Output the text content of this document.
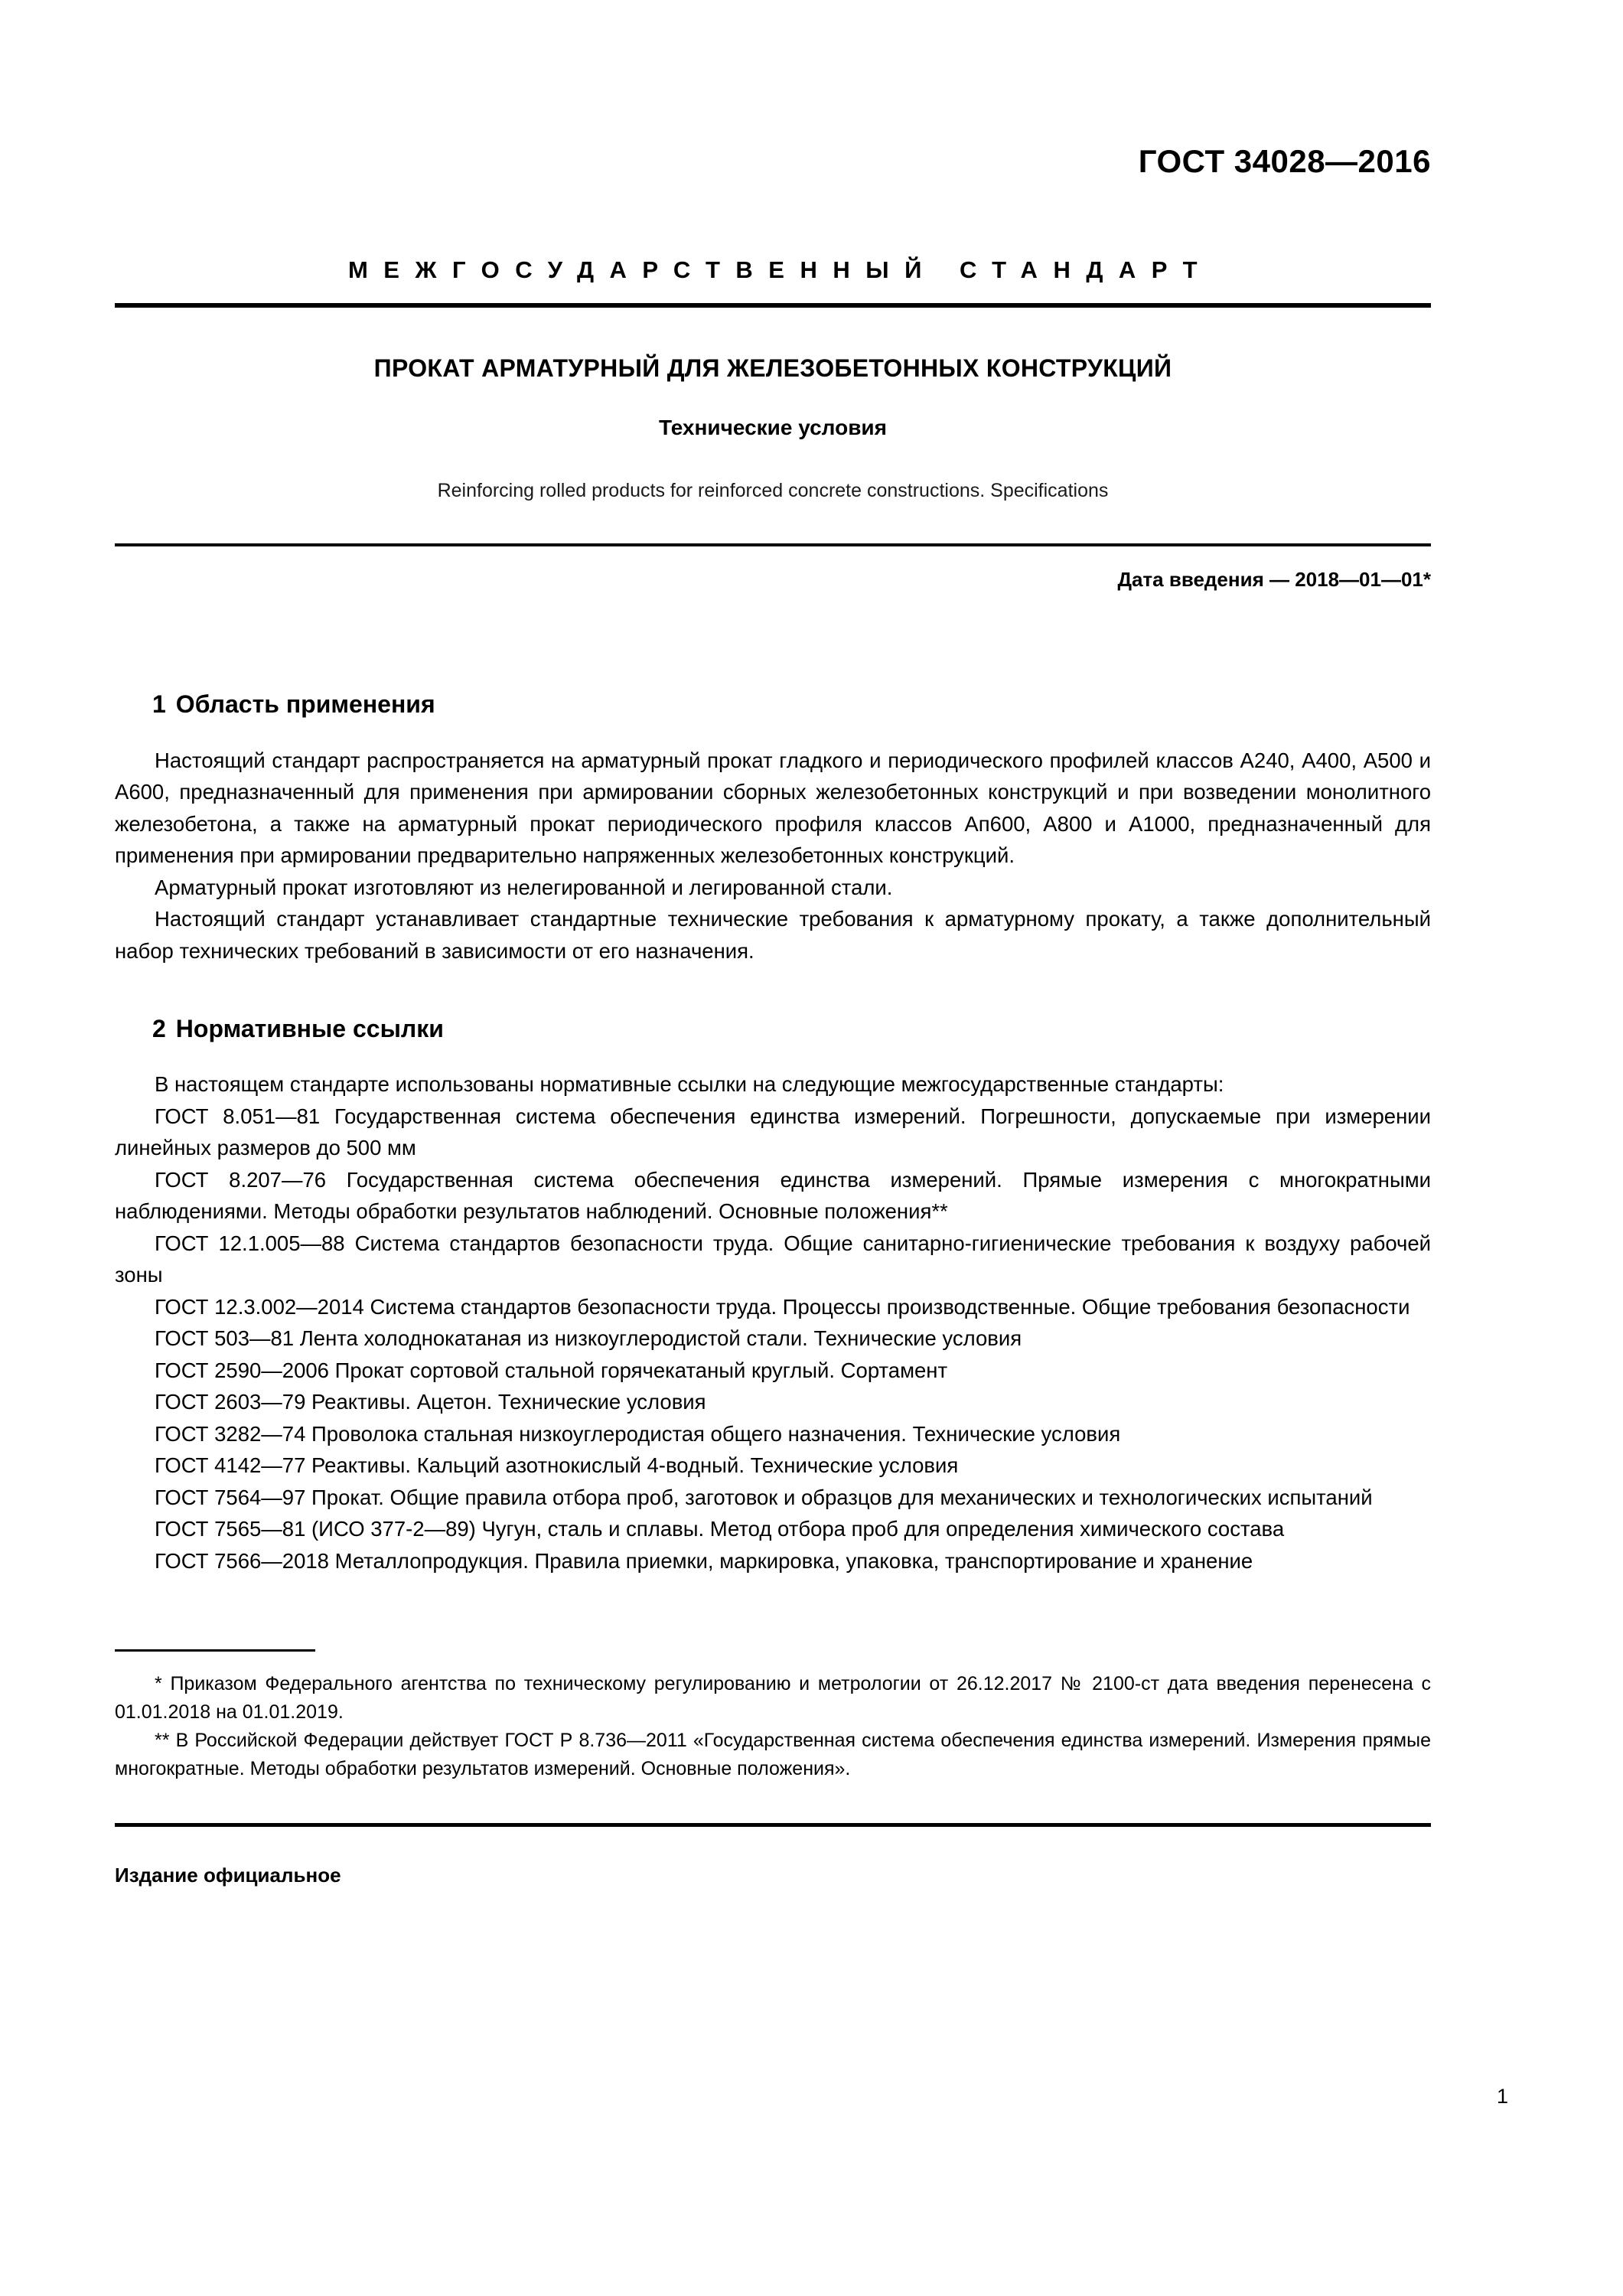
ГОСТ 34028—2016
МЕЖГОСУДАРСТВЕННЫЙ СТАНДАРТ
ПРОКАТ АРМАТУРНЫЙ ДЛЯ ЖЕЛЕЗОБЕТОННЫХ КОНСТРУКЦИЙ
Технические условия
Reinforcing rolled products for reinforced concrete constructions. Specifications
Дата введения — 2018—01—01*
1 Область применения

Настоящий стандарт распространяется на арматурный прокат гладкого и периодического профилей классов А240, А400, А500 и А600, предназначенный для применения при армировании сборных железобетонных конструкций и при возведении монолитного железобетона, а также на арматурный прокат периодического профиля классов Ап600, А800 и А1000, предназначенный для применения при армировании предварительно напряженных железобетонных конструкций.

Арматурный прокат изготовляют из нелегированной и легированной стали.

Настоящий стандарт устанавливает стандартные технические требования к арматурному прокату, а также дополнительный набор технических требований в зависимости от его назначения.

2 Нормативные ссылки

В настоящем стандарте использованы нормативные ссылки на следующие межгосударственные стандарты:

ГОСТ 8.051—81 Государственная система обеспечения единства измерений. Погрешности, допускаемые при измерении линейных размеров до 500 мм

ГОСТ 8.207—76 Государственная система обеспечения единства измерений. Прямые измерения с многократными наблюдениями. Методы обработки результатов наблюдений. Основные положения**

ГОСТ 12.1.005—88 Система стандартов безопасности труда. Общие санитарно-гигиенические требования к воздуху рабочей зоны

ГОСТ 12.3.002—2014 Система стандартов безопасности труда. Процессы производственные. Общие требования безопасности

ГОСТ 503—81 Лента холоднокатаная из низкоуглеродистой стали. Технические условия

ГОСТ 2590—2006 Прокат сортовой стальной горячекатаный круглый. Сортамент

ГОСТ 2603—79 Реактивы. Ацетон. Технические условия

ГОСТ 3282—74 Проволока стальная низкоуглеродистая общего назначения. Технические условия

ГОСТ 4142—77 Реактивы. Кальций азотнокислый 4-водный. Технические условия

ГОСТ 7564—97 Прокат. Общие правила отбора проб, заготовок и образцов для механических и технологических испытаний

ГОСТ 7565—81 (ИСО 377-2—89) Чугун, сталь и сплавы. Метод отбора проб для определения химического состава

ГОСТ 7566—2018 Металлопродукция. Правила приемки, маркировка, упаковка, транспортирование и хранение

* Приказом Федерального агентства по техническому регулированию и метрологии от 26.12.2017 № 2100-ст дата введения перенесена с 01.01.2018 на 01.01.2019.

** В Российской Федерации действует ГОСТ Р 8.736—2011 «Государственная система обеспечения единства измерений. Измерения прямые многократные. Методы обработки результатов измерений. Основные положения».

Издание официальное
1
